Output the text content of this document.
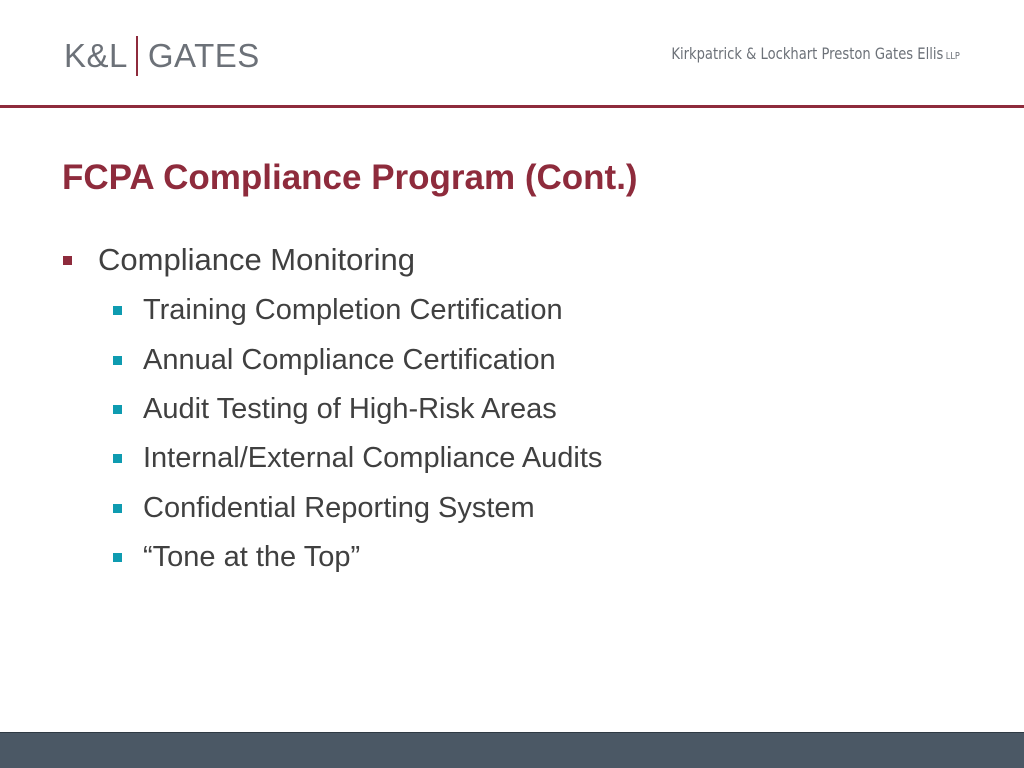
K&L GATES	Kirkpatrick & Lockhart Preston Gates Ellis LLP
FCPA Compliance Program (Cont.)
Compliance Monitoring
Training Completion Certification
Annual Compliance Certification
Audit Testing of High-Risk Areas
Internal/External Compliance Audits
Confidential Reporting System
“Tone at the Top”
